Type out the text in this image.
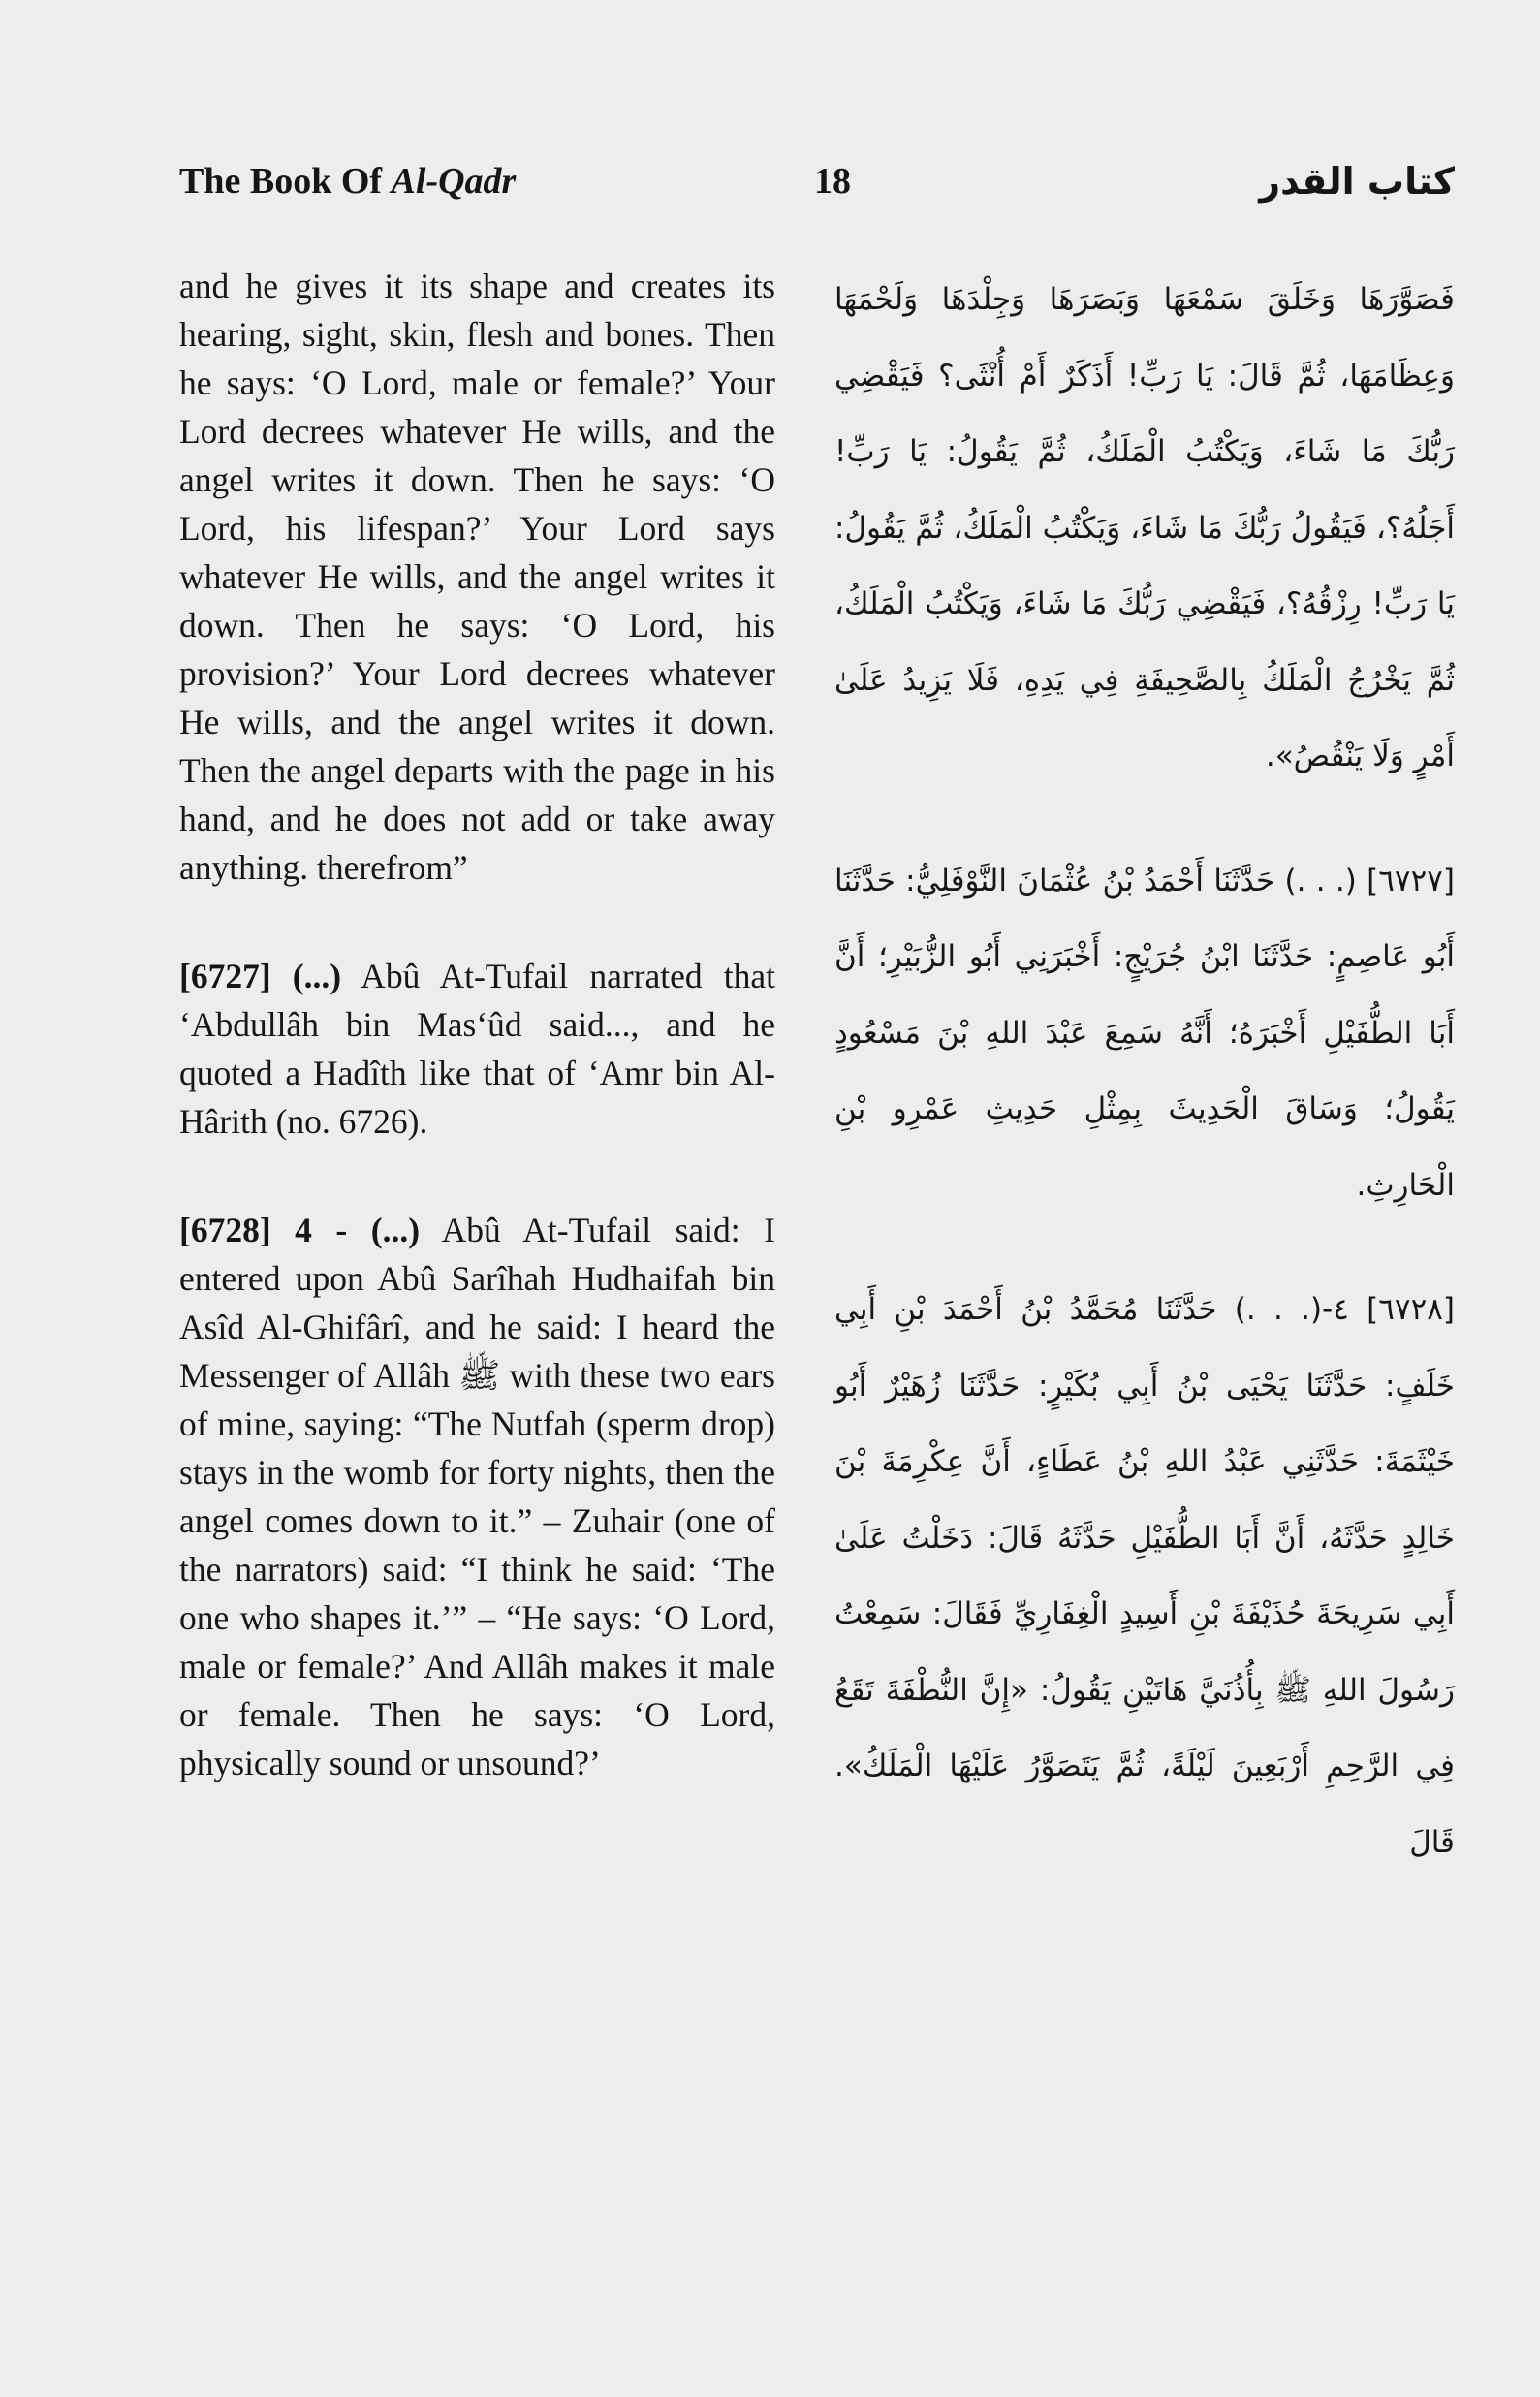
The Book Of Al-Qadr	18	كتاب القدر

and he gives it its shape and creates its hearing, sight, skin, flesh and bones. Then he says: ‘O Lord, male or female?’ Your Lord decrees whatever He wills, and the angel writes it down. Then he says: ‘O Lord, his lifespan?’ Your Lord says whatever He wills, and the angel writes it down. Then he says: ‘O Lord, his provision?’ Your Lord decrees whatever He wills, and the angel writes it down. Then the angel departs with the page in his hand, and he does not add or take away anything. therefrom”

[6727] (...) Abû At-Tufail narrated that ‘Abdullâh bin Mas‘ûd said..., and he quoted a Hadîth like that of ‘Amr bin Al-Hârith (no. 6726).

[6728] 4 - (...) Abû At-Tufail said: I entered upon Abû Sarîhah Hudhaifah bin Asîd Al-Ghifârî, and he said: I heard the Messenger of Allâh ﷺ with these two ears of mine, saying: “The Nutfah (sperm drop) stays in the womb for forty nights, then the angel comes down to it.” – Zuhair (one of the narrators) said: “I think he said: ‘The one who shapes it.’” – “He says: ‘O Lord, male or female?’ And Allâh makes it male or female. Then he says: ‘O Lord, physically sound or unsound?’

فَصَوَّرَهَا وَخَلَقَ سَمْعَهَا وَبَصَرَهَا وَجِلْدَهَا وَلَحْمَهَا وَعِظَامَهَا، ثُمَّ قَالَ: يَا رَبِّ! أَذَكَرٌ أَمْ أُنْثَى؟ فَيَقْضِي رَبُّكَ مَا شَاءَ، وَيَكْتُبُ الْمَلَكُ، ثُمَّ يَقُولُ: يَا رَبِّ! أَجَلُهُ؟، فَيَقُولُ رَبُّكَ مَا شَاءَ، وَيَكْتُبُ الْمَلَكُ، ثُمَّ يَقُولُ: يَا رَبِّ! رِزْقُهُ؟، فَيَقْضِي رَبُّكَ مَا شَاءَ، وَيَكْتُبُ الْمَلَكُ، ثُمَّ يَخْرُجُ الْمَلَكُ بِالصَّحِيفَةِ فِي يَدِهِ، فَلَا يَزِيدُ عَلَىٰ أَمْرٍ وَلَا يَنْقُصُ».

[٦٧٢٧] (. . .) حَدَّثَنَا أَحْمَدُ بْنُ عُثْمَانَ النَّوْفَلِيُّ: حَدَّثَنَا أَبُو عَاصِمٍ: حَدَّثَنَا ابْنُ جُرَيْجٍ: أَخْبَرَنِي أَبُو الزُّبَيْرِ؛ أَنَّ أَبَا الطُّفَيْلِ أَخْبَرَهُ؛ أَنَّهُ سَمِعَ عَبْدَ اللهِ بْنَ مَسْعُودٍ يَقُولُ؛ وَسَاقَ الْحَدِيثَ بِمِثْلِ حَدِيثِ عَمْرِو بْنِ الْحَارِثِ.

[٦٧٢٨] ٤-(. . .) حَدَّثَنَا مُحَمَّدُ بْنُ أَحْمَدَ بْنِ أَبِي خَلَفٍ: حَدَّثَنَا يَحْيَى بْنُ أَبِي بُكَيْرٍ: حَدَّثَنَا زُهَيْرٌ أَبُو خَيْثَمَةَ: حَدَّثَنِي عَبْدُ اللهِ بْنُ عَطَاءٍ، أَنَّ عِكْرِمَةَ بْنَ خَالِدٍ حَدَّثَهُ، أَنَّ أَبَا الطُّفَيْلِ حَدَّثَهُ قَالَ: دَخَلْتُ عَلَىٰ أَبِي سَرِيحَةَ حُذَيْفَةَ بْنِ أَسِيدٍ الْغِفَارِيِّ فَقَالَ: سَمِعْتُ رَسُولَ اللهِ ﷺ بِأُذُنَيَّ هَاتَيْنِ يَقُولُ: «إِنَّ النُّطْفَةَ تَقَعُ فِي الرَّحِمِ أَرْبَعِينَ لَيْلَةً، ثُمَّ يَتَصَوَّرُ عَلَيْهَا الْمَلَكُ». قَالَ
